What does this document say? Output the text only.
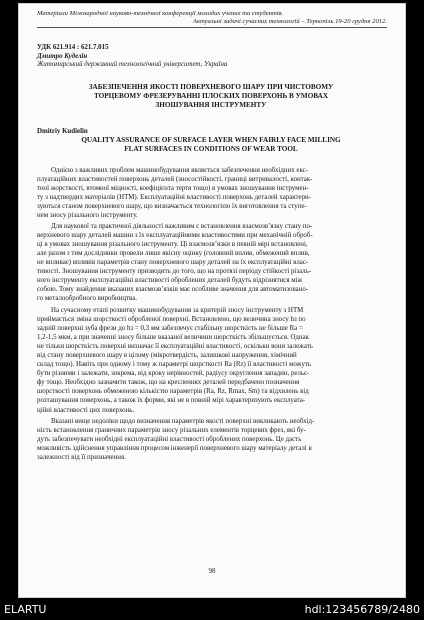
Матеріали Міжнародної науково-технічної конференції молодих учених та студентів.
Актуальні задачі сучасних технологій – Тернопіль 19-20 грудня 2012.
УДК 621.914 : 621.7.015
Дмитро Куделін
Житомирський державний технологічний університет, Україна
ЗАБЕЗПЕЧЕННЯ ЯКОСТІ ПОВЕРХНЕВОГО ШАРУ ПРИ ЧИСТОВОМУ
ТОРЦЕВОМУ ФРЕЗЕРУВАННІ ПЛОСКИХ ПОВЕРХОНЬ В УМОВАХ
ЗНОШУВАННЯ ІНСТРУМЕНТУ
Dmitriy Kudielin
QUALITY ASSURANCE OF SURFACE LAYER WHEN FAIRLY FACE MILLING
FLAT SURFACES IN CONDITIONS OF WEAR TOOL
Однією з важливих проблем машинобудування являється забезпечення необхідних екс-
плуатаційних властивостей поверхонь деталей (зносостійкості, границі витривалості, контак-
тної жорсткості, втомної міцності, коефіцієнта тертя тощо) в умовах зношування інструмен-
ту з надтвердих матеріалів (НТМ). Експлуатаційні властивості поверхонь деталей характери-
зуються станом поверхневого шару, що визначається технологією їх виготовлення та ступе-
нем зносу різального інструменту.
Для наукової та практичної діяльності важливим є встановлення взаємозв’язку стану по-
верхневого шару деталей машин з їх експлуатаційними властивостями при механічній оброб-
ці в умовах зношування різального інструменту. Ці взаємозв’язки в певній мірі встановлені,
але разом з тим дослідники провели лише якісну оцінку (головний вплив, обмежений вплив,
не впливає) впливів параметрів стану поверхневого шару деталей на їх експлуатаційні влас-
тивості. Зношування інструменту призводить до того, що на протязі періоду стійкості різаль-
ного інструменту експлуатаційні властивості оброблених деталей будуть відрізнятися між
собою. Тому знайдення вказаних взаємозв’язків має особливе значення для автоматизовано-
го металообробного виробництва.
На сучасному етапі розвитку машинобудування за критерій зносу інструменту з НТМ
приймається зміна шорсткості обробленої поверхні. Встановлено, що величина зносу hз по
задній поверхні зуба фрези до hз = 0,3 мм забезпечує стабільну шорсткість не більше Ra =
1,2-1,5 мкм, а при значенні зносу більше вказаної величини шорсткість збільшується. Однак
не тільки шорсткість поверхні визначає її експлуатаційні властивості, оскільки вони залежать
від стану поверхневого шару в цілому (мікротвердість, залишкові напруження, хімічний
склад тощо). Навіть при одному і тому ж параметрі шорсткості Ra (Rz) її властивості можуть
бути різними і залежати, зокрема, від кроку нерівностей, радіусу округлення западин, рельє-
фу тощо. Необхідно зазначити також, що на кресленнях деталей передбачено позначення
шорсткості поверхонь обмеженою кількістю параметрів (Ra, Rz, Rmax, Sm) та відхилень від
розташування поверхонь, а також їх форми, які не в повній мірі характеризують експлуата-
ційні властивості цих поверхонь.
Вказані вище недоліки щодо визначення параметрів якості поверхні викликають необхід-
ність встановлення граничних параметрів зносу різальних елементів торцевих фрез, які бу-
дуть забезпечувати необхідні експлуатаційні властивості оброблених поверхонь. Це дасть
можливість здійснення управління процесом інженерії поверхневого шару матеріалу деталі в
залежності від її призначення.
98
ELARTU	hdl:123456789/2480
